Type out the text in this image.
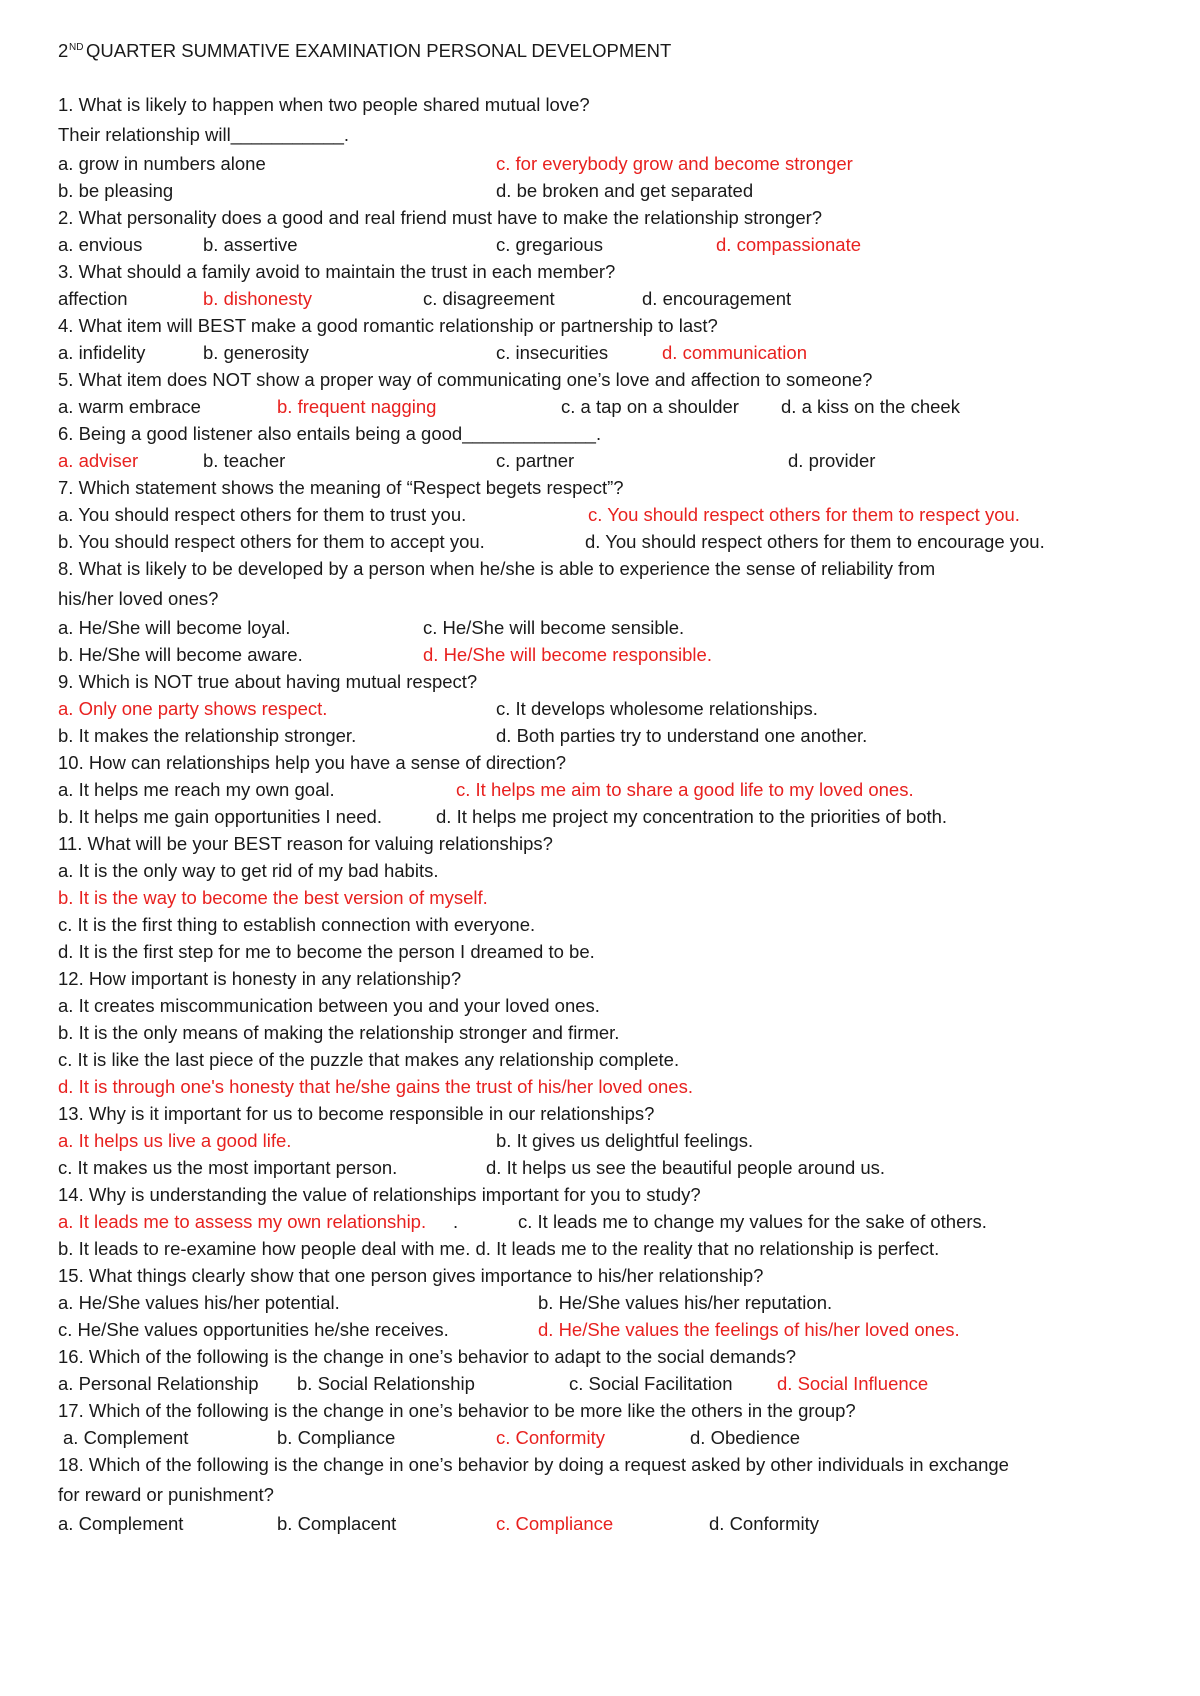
2 $^{ND}$ QUARTER SUMMATIVE EXAMINATION PERSONAL DEVELOPMENT
1. What is likely to happen when two people shared mutual love?
Their relationship will___________.
a. grow in numbers alone	c. for everybody grow and become stronger
b. be pleasing	d. be broken and get separated
2. What personality does a good and real friend must have to make the relationship stronger?
a. envious	b. assertive	c. gregarious	d. compassionate
3. What should a family avoid to maintain the trust in each member?
affection	b. dishonesty	c. disagreement	d. encouragement
4. What item will BEST make a good romantic relationship or partnership to last?
a. infidelity	b. generosity	c. insecurities	d. communication
5. What item does NOT show a proper way of communicating one’s love and affection to someone?
a. warm embrace	b. frequent nagging	c. a tap on a shoulder d. a kiss on the cheek
6. Being a good listener also entails being a good_____________.
a. adviser	b. teacher	c. partner	d. provider
7. Which statement shows the meaning of “Respect begets respect”?
a. You should respect others for them to trust you.	c. You should respect others for them to respect you.
b. You should respect others for them to accept you.	d. You should respect others for them to encourage you.
8. What is likely to be developed by a person when he/she is able to experience the sense of reliability from
his/her loved ones?
a. He/She will become loyal.	c. He/She will become sensible.
b. He/She will become aware.	d. He/She will become responsible.
9. Which is NOT true about having mutual respect?
a. Only one party shows respect.	c. It develops wholesome relationships.
b. It makes the relationship stronger.	d. Both parties try to understand one another.
10. How can relationships help you have a sense of direction?
a. It helps me reach my own goal.	c. It helps me aim to share a good life to my loved ones.
b. It helps me gain opportunities I need.	d. It helps me project my concentration to the priorities of both.
11. What will be your BEST reason for valuing relationships?
a. It is the only way to get rid of my bad habits.
b. It is the way to become the best version of myself.
c. It is the first thing to establish connection with everyone.
d. It is the first step for me to become the person I dreamed to be.
12. How important is honesty in any relationship?
a. It creates miscommunication between you and your loved ones.
b. It is the only means of making the relationship stronger and firmer.
c. It is like the last piece of the puzzle that makes any relationship complete.
d. It is through one's honesty that he/she gains the trust of his/her loved ones.
13. Why is it important for us to become responsible in our relationships?
a. It helps us live a good life.	b. It gives us delightful feelings.
c. It makes us the most important person.	d. It helps us see the beautiful people around us.
14. Why is understanding the value of relationships important for you to study?
a. It leads me to assess my own relationship. .	c. It leads me to change my values for the sake of others.
b. It leads to re-examine how people deal with me. d. It leads me to the reality that no relationship is perfect.
15. What things clearly show that one person gives importance to his/her relationship?
a. He/She values his/her potential.	b. He/She values his/her reputation.
c. He/She values opportunities he/she receives.	d. He/She values the feelings of his/her loved ones.
16. Which of the following is the change in one’s behavior to adapt to the social demands?
a. Personal Relationship b. Social Relationship	c. Social Facilitation d. Social Influence
17. Which of the following is the change in one’s behavior to be more like the others in the group?
a. Complement	b. Compliance	c. Conformity	d. Obedience
18. Which of the following is the change in one’s behavior by doing a request asked by other individuals in exchange
for reward or punishment?
a. Complement	b. Complacent	c. Compliance	d. Conformity
